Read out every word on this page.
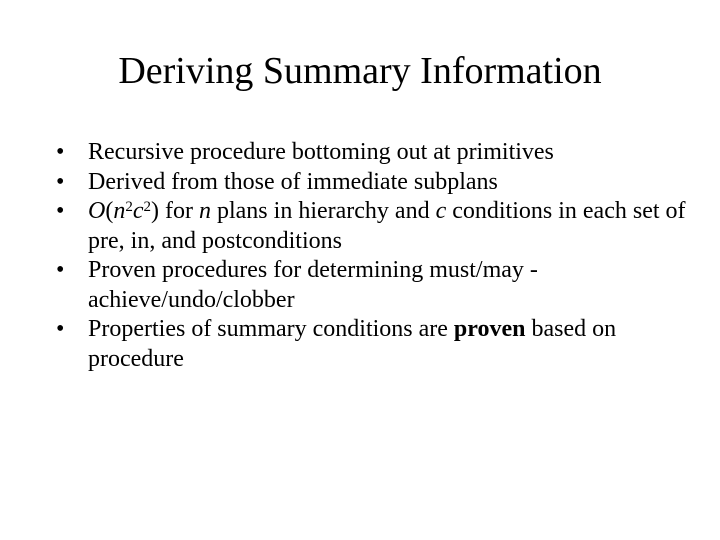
Deriving Summary Information
• Recursive procedure bottoming out at primitives
• Derived from those of immediate subplans
• $O(n^2c^2)$ for n plans in hierarchy and c conditions in each set of pre, in, and postconditions
• Proven procedures for determining must/may - achieve/undo/clobber
• Properties of summary conditions are proven based on procedure
